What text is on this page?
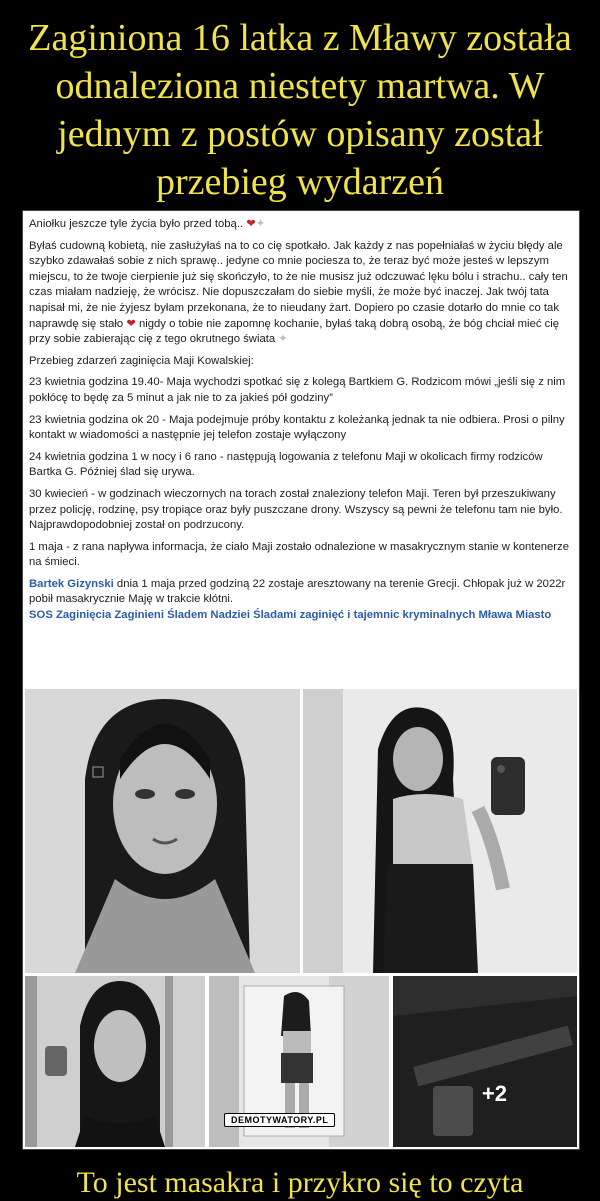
Zaginiona 16 latka z Mławy została odnaleziona niestety martwa. W jednym z postów opisany został przebieg wydarzeń

Aniołku jeszcze tyle życia było przed tobą.. ❤✦

Byłaś cudowną kobietą, nie zasłużyłaś na to co cię spotkało. Jak każdy z nas popełniałaś w życiu błędy ale szybko zdawałaś sobie z nich sprawę.. jedyne co mnie pociesza to, że teraz być może jesteś w lepszym miejscu, to że twoje cierpienie już się skończyło, to że nie musisz już odczuwać lęku bólu i strachu.. cały ten czas miałam nadzieję, że wrócisz. Nie dopuszczałam do siebie myśli, że może być inaczej. Jak twój tata napisał mi, że nie żyjesz byłam przekonana, że to nieudany żart. Dopiero po czasie dotarło do mnie co tak naprawdę się stało ❤ nigdy o tobie nie zapomnę kochanie, byłaś taką dobrą osobą, że bóg chciał mieć cię przy sobie zabierając cię z tego okrutnego świata ✦

Przebieg zdarzeń zaginięcia Maji Kowalskiej:

23 kwietnia godzina 19.40- Maja wychodzi spotkać się z kolegą Bartkiem G. Rodzicom mówi „jeśli się z nim pokłócę to będę za 5 minut a jak nie to za jakieś pół godziny”

23 kwietnia godzina ok 20 - Maja podejmuje próby kontaktu z koleżanką jednak ta nie odbiera. Prosi o pilny kontakt w wiadomości a następnie jej telefon zostaje wyłączony

24 kwietnia godzina 1 w nocy i 6 rano - następują logowania z telefonu Maji w okolicach firmy rodziców Bartka G. Później ślad się urywa.

30 kwiecień - w godzinach wieczornych na torach został znaleziony telefon Maji. Teren był przeszukiwany przez policję, rodzinę, psy tropiące oraz były puszczane drony. Wszyscy są pewni że telefonu tam nie było. Najprawdopodobniej został on podrzucony.

1 maja - z rana napływa informacja, że ciało Maji zostało odnalezione w masakrycznym stanie w kontenerze na śmieci.

Bartek Gizynski dnia 1 maja przed godziną 22 zostaje aresztowany na terenie Grecji. Chłopak już w 2022r pobił masakrycznie Maję w trakcie kłótni.

SOS Zaginięcia Zaginieni Śladem Nadziei Śladami zaginięć i tajemnic kryminalnych Mława Miasto

+2
DEMOTYWATORY.PL
To jest masakra i przykro się to czyta
